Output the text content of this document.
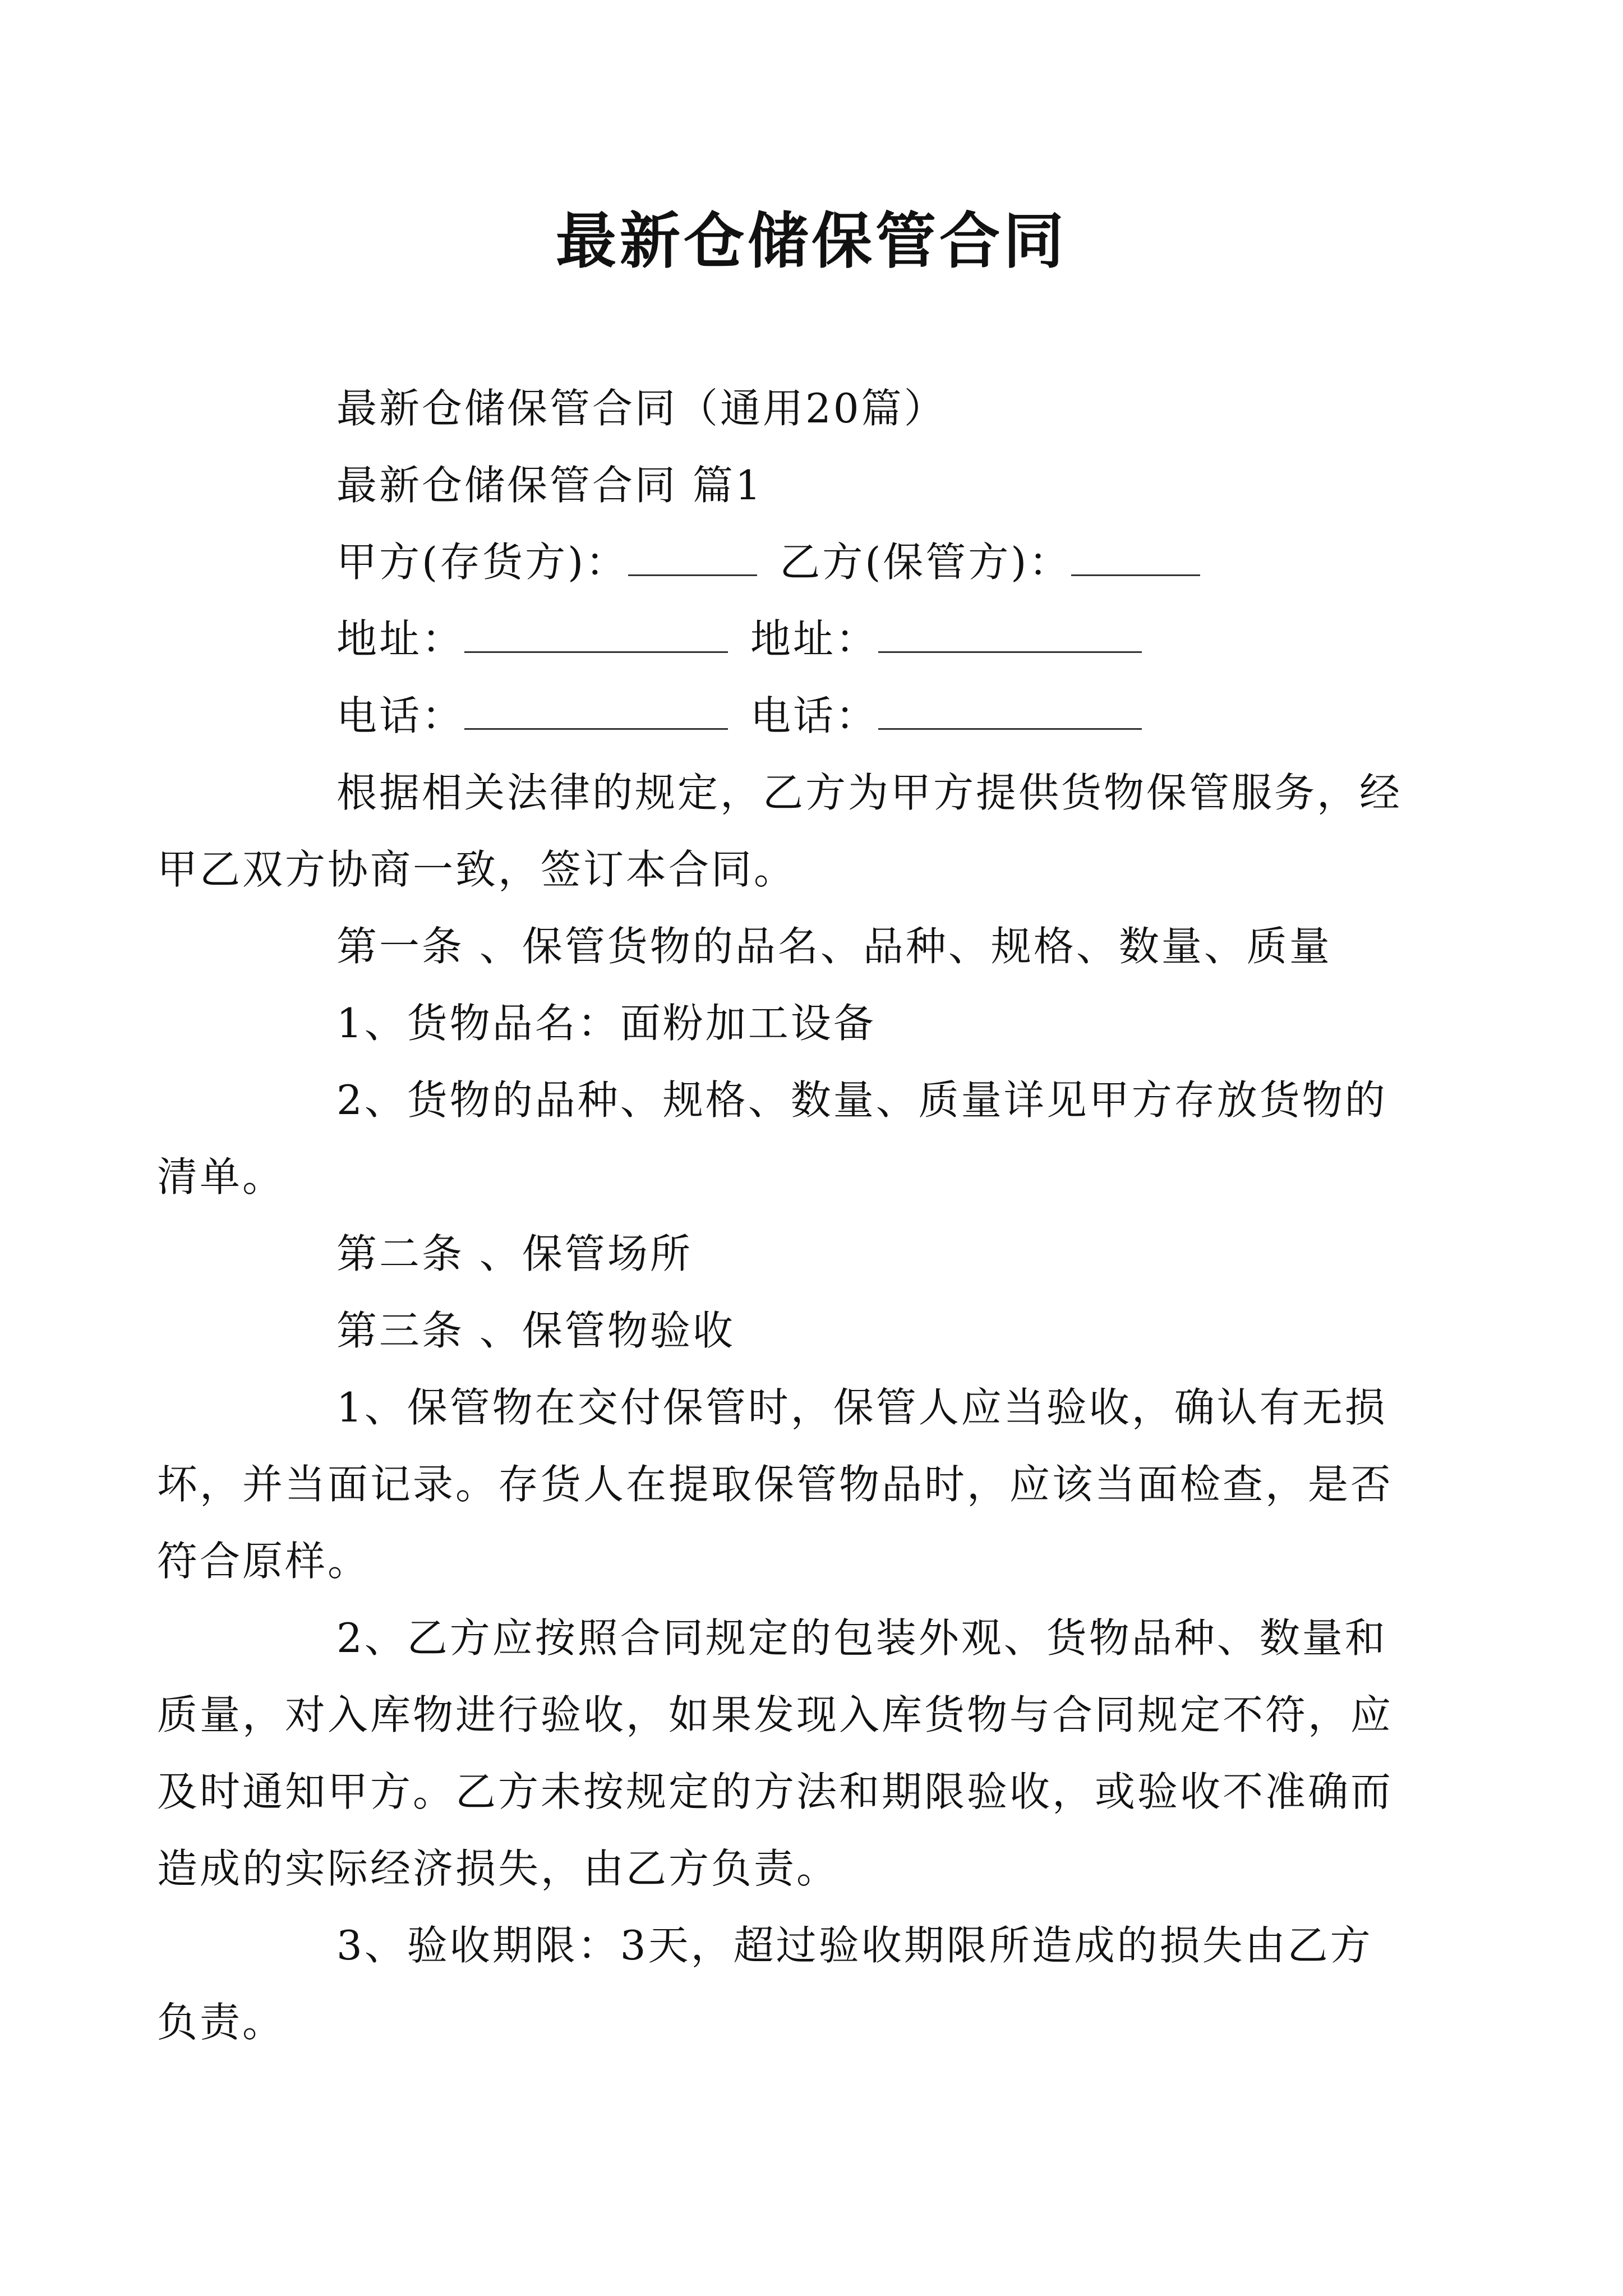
最新仓储保管合同

最新仓储保管合同（通用20篇）

最新仓储保管合同 篇1

甲方(存货方)：	乙方(保管方)：

地址：	地址：

电话：	电话：

根据相关法律的规定，乙方为甲方提供货物保管服务，经甲乙双方协商一致，签订本合同。

第一条 、保管货物的品名、品种、规格、数量、质量

1、货物品名：面粉加工设备

2、货物的品种、规格、数量、质量详见甲方存放货物的清单。

第二条 、保管场所

第三条 、保管物验收

1、保管物在交付保管时，保管人应当验收，确认有无损坏，并当面记录。存货人在提取保管物品时，应该当面检查，是否符合原样。

2、乙方应按照合同规定的包装外观、货物品种、数量和质量，对入库物进行验收，如果发现入库货物与合同规定不符，应及时通知甲方。乙方未按规定的方法和期限验收，或验收不准确而造成的实际经济损失，由乙方负责。

3、验收期限：3天，超过验收期限所造成的损失由乙方负责。
